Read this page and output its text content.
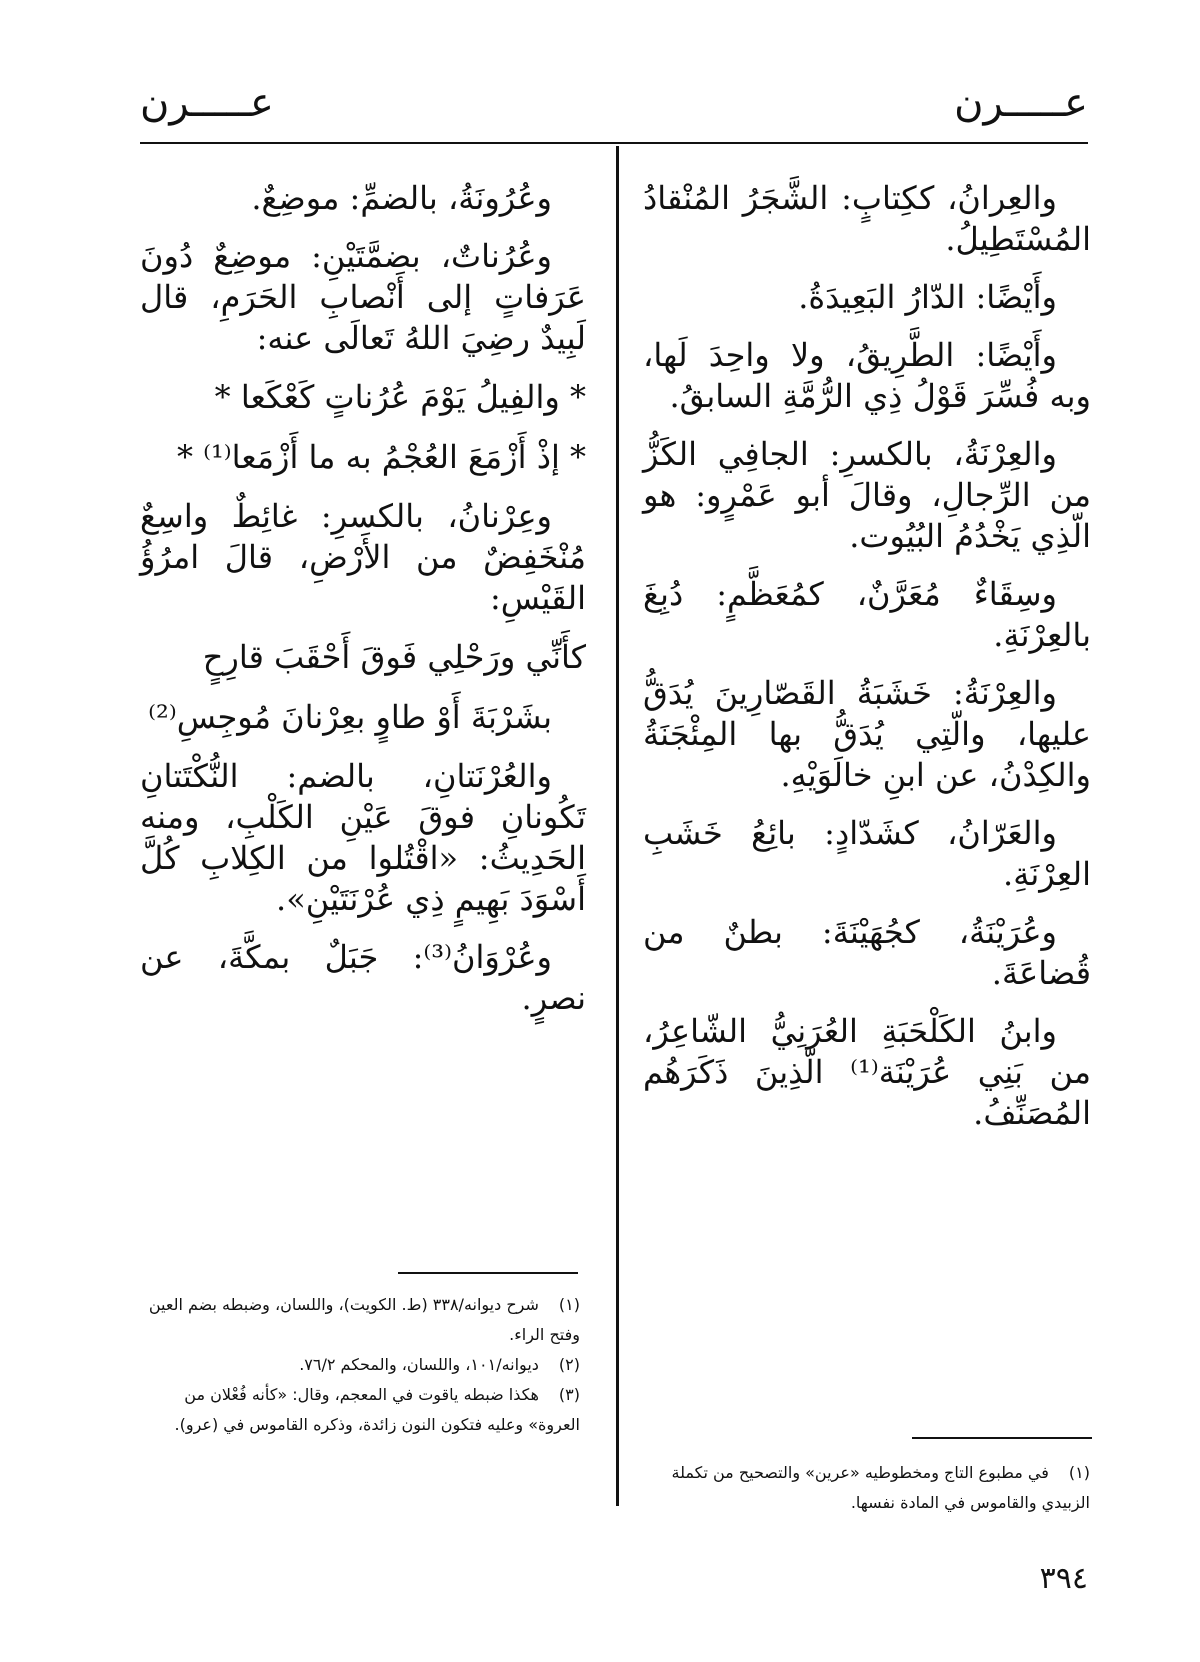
عـــــرن	عـــــرن

والعِرانُ، ككِتابٍ: الشَّجَرُ المُنْقادُ المُسْتَطِيلُ.

وأَيْضًا: الدّارُ البَعِيدَةُ.

وأَيْضًا: الطَّرِيقُ، ولا واحِدَ لَها، وبه فُسِّرَ قَوْلُ ذِي الرُّمَّةِ السابقُ.

والعِرْنَةُ، بالكسرِ: الجافِي الكَزُّ من الرِّجالِ، وقالَ أبو عَمْرٍو: هو الّذِي يَخْدُمُ البُيُوت.

وسِقَاءٌ مُعَرَّنٌ، كمُعَظَّمٍ: دُبِغَ بالعِرْنَةِ.

والعِرْنَةُ: خَشَبَةُ القَصّارِينَ يُدَقُّ عليها، والّتِي يُدَقُّ بها المِئْجَنَةُ والكِدْنُ، عن ابنِ خالَوَيْهِ.

والعَرّانُ، كشَدّادٍ: بائِعُ خَشَبِ العِرْنَةِ.

وعُرَيْنَةُ، كجُهَيْنَةَ: بطنٌ من قُضاعَةَ.

وابنُ الكَلْحَبَةِ العُرَنِيُّ الشّاعِرُ، من بَنِي عُرَيْنَة⁽¹⁾ الّذِينَ ذَكَرَهُم المُصَنِّفُ.

وعُرُونَةُ، بالضمِّ: موضِعٌ.

وعُرُناتٌ، بضمَّتَيْنِ: موضِعٌ دُونَ عَرَفاتٍ إلى أَنْصابِ الحَرَمِ، قال لَبِيدٌ رضِيَ اللهُ تَعالَى عنه:

* والفِيلُ يَوْمَ عُرُناتٍ كَعْكَعا *
* إذْ أَزْمَعَ العُجْمُ به ما أَزْمَعا⁽¹⁾ *

وعِرْنانُ، بالكسرِ: غائِطٌ واسِعٌ مُنْخَفِضٌ من الأَرْضِ، قالَ امرُؤُ القَيْسِ:

كأَنِّي ورَحْلِي فَوقَ أَحْقَبَ قارِحٍ
بشَرْبَةَ أَوْ طاوٍ بعِرْنانَ مُوجِسِ⁽²⁾

والعُرْنَتانِ، بالضم: النُّكْتَتانِ تَكُونانِ فوقَ عَيْنِ الكَلْبِ، ومنه الحَدِيثُ: «اقْتُلوا من الكِلابِ كُلَّ أَسْوَدَ بَهِيمٍ ذِي عُرْنَتَيْنِ».

وعُرْوَانُ⁽³⁾: جَبَلٌ بمكَّةَ، عن نصرٍ.

(١) شرح ديوانه/٣٣٨ (ط. الكويت)، واللسان، وضبطه بضم العين وفتح الراء.

(٢) ديوانه/١٠١، واللسان، والمحكم ٧٦/٢.

(٣) هكذا ضبطه ياقوت في المعجم، وقال: «كأنه فُعْلان من العروة» وعليه فتكون النون زائدة، وذكره القاموس في (عرو).

(١) في مطبوع التاج ومخطوطيه «عرين» والتصحيح من تكملة الزبيدي والقاموس في المادة نفسها.

٣٩٤
